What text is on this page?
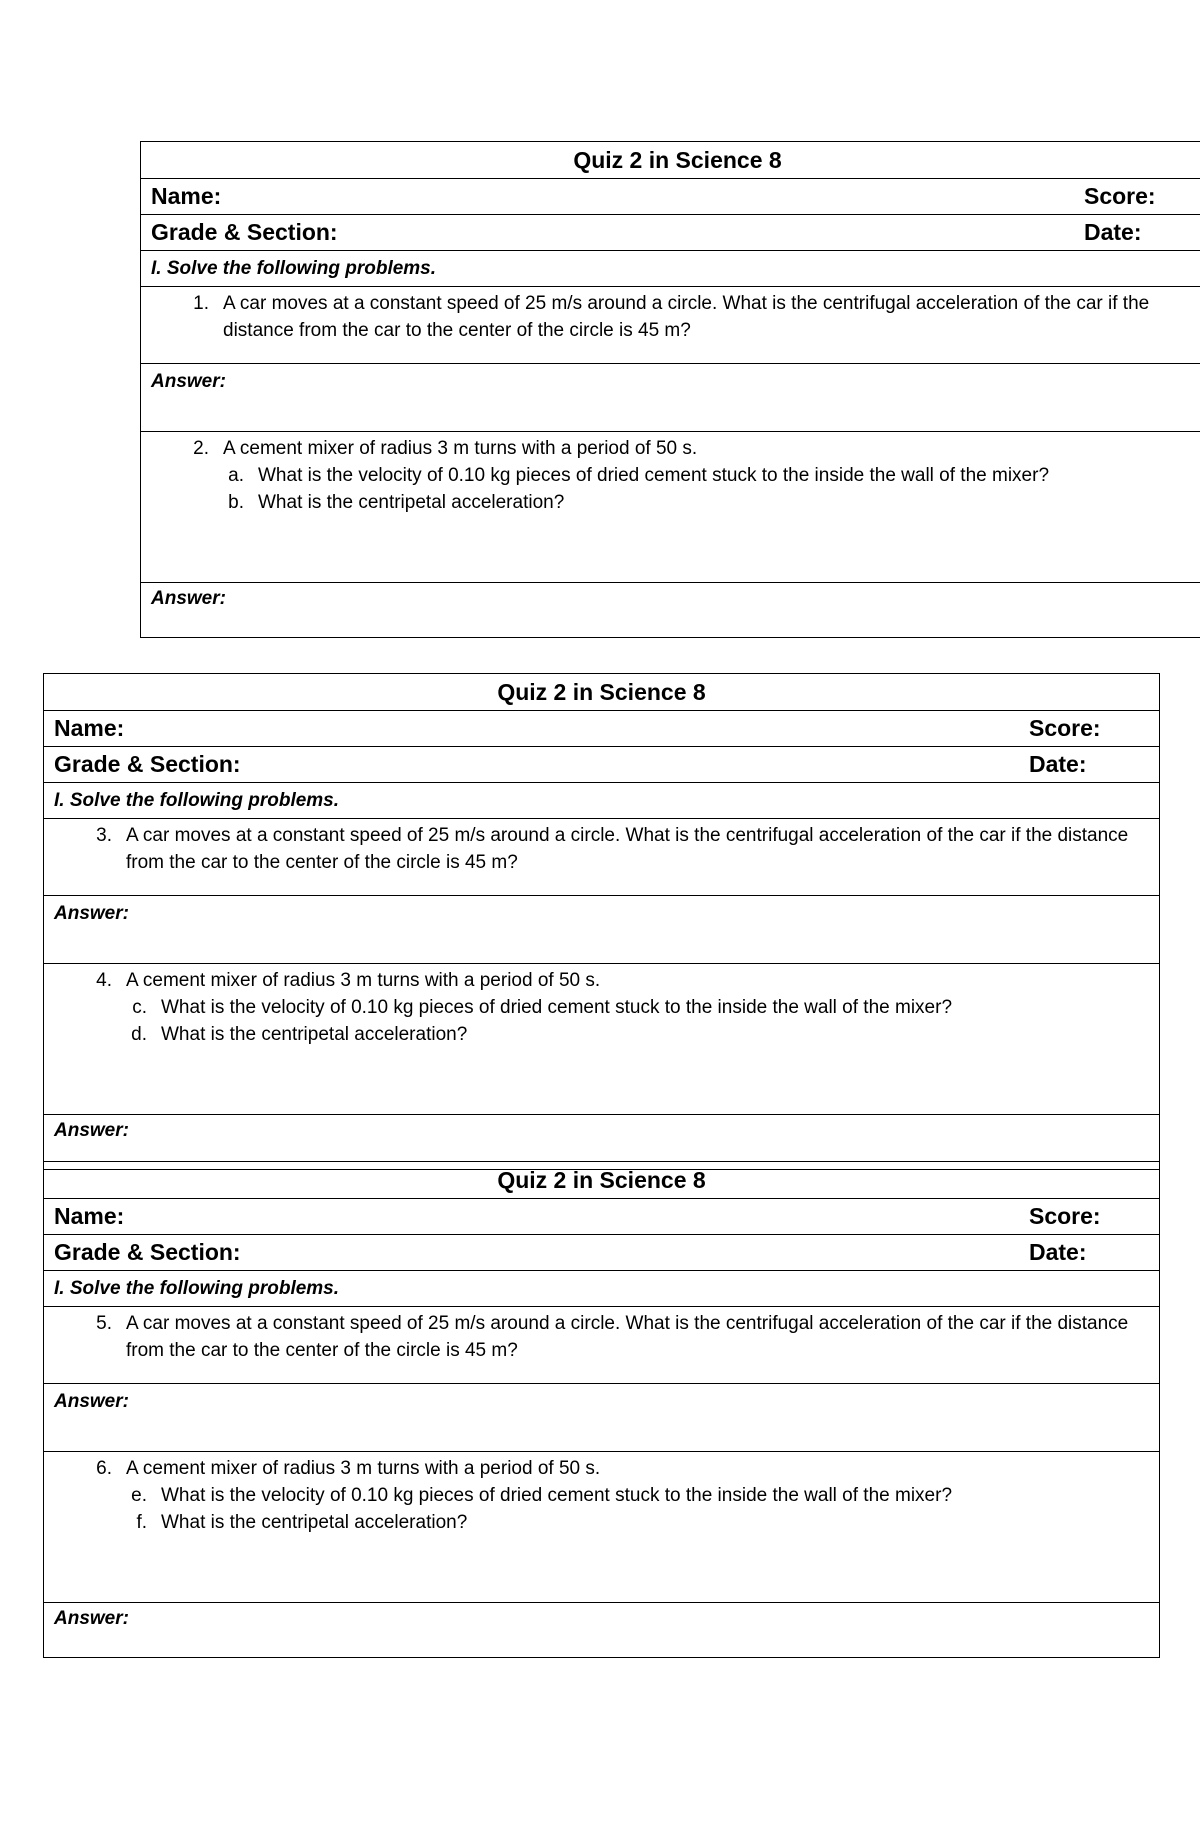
Quiz 2 in Science 8

Name:	Score:

Grade & Section:	Date:

I. Solve the following problems.

1. A car moves at a constant speed of 25 m/s around a circle. What is the centrifugal acceleration of the car if the distance from the car to the center of the circle is 45 m?

Answer:

2. A cement mixer of radius 3 m turns with a period of 50 s.
a. What is the velocity of 0.10 kg pieces of dried cement stuck to the inside the wall of the mixer?
b. What is the centripetal acceleration?

Answer:
Quiz 2 in Science 8

Name:	Score:

Grade & Section:	Date:

I. Solve the following problems.

3. A car moves at a constant speed of 25 m/s around a circle. What is the centrifugal acceleration of the car if the distance from the car to the center of the circle is 45 m?

Answer:

4. A cement mixer of radius 3 m turns with a period of 50 s.
c. What is the velocity of 0.10 kg pieces of dried cement stuck to the inside the wall of the mixer?
d. What is the centripetal acceleration?

Answer:
Quiz 2 in Science 8

Name:	Score:

Grade & Section:	Date:

I. Solve the following problems.

5. A car moves at a constant speed of 25 m/s around a circle. What is the centrifugal acceleration of the car if the distance from the car to the center of the circle is 45 m?

Answer:

6. A cement mixer of radius 3 m turns with a period of 50 s.
e. What is the velocity of 0.10 kg pieces of dried cement stuck to the inside the wall of the mixer?
f. What is the centripetal acceleration?

Answer:
